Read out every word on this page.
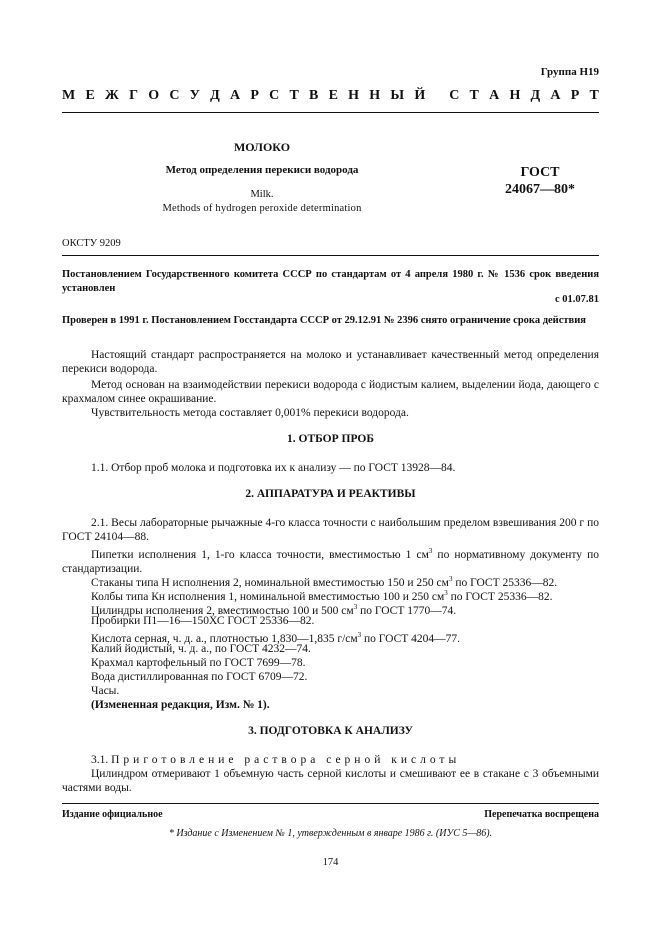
Группа Н19
М Е Ж Г О С У Д А Р С Т В Е Н Н Ы Й
С Т А Н Д А Р Т
МОЛОКО
Метод определения перекиси водорода
Milk.
Methods of hydrogen peroxide determination
ГОСТ
24067—80*
ОКСТУ 9209
Постановлением Государственного комитета СССР по стандартам от 4 апреля 1980 г. № 1536 срок введения установлен
с 01.07.81
Проверен в 1991 г. Постановлением Госстандарта СССР от 29.12.91 № 2396 снято ограничение срока действия
Настоящий стандарт распространяется на молоко и устанавливает качественный метод определения перекиси водорода.
Метод основан на взаимодействии перекиси водорода с йодистым калием, выделении йода, дающего с крахмалом синее окрашивание.
Чувствительность метода составляет 0,001% перекиси водорода.
1. ОТБОР ПРОБ
1.1. Отбор проб молока и подготовка их к анализу — по ГОСТ 13928—84.
2. АППАРАТУРА И РЕАКТИВЫ
2.1. Весы лабораторные рычажные 4-го класса точности с наибольшим пределом взвешивания 200 г по ГОСТ 24104—88.
Пипетки исполнения 1, 1-го класса точности, вместимостью 1 $см^3$ по нормативному документу по стандартизации.
Стаканы типа Н исполнения 2, номинальной вместимостью 150 и 250 $см^3$ по ГОСТ 25336—82.
Колбы типа Кн исполнения 1, номинальной вместимостью 100 и 250 $см^3$ по ГОСТ 25336—82.
Цилиндры исполнения 2, вместимостью 100 и 500 $см^3$ по ГОСТ 1770—74.
Пробирки П1—16—150ХС ГОСТ 25336—82.
Кислота серная, ч. д. а., плотностью 1,830—1,835 $г/см^3$ по ГОСТ 4204—77.
Калий йодистый, ч. д. а., по ГОСТ 4232—74.
Крахмал картофельный по ГОСТ 7699—78.
Вода дистиллированная по ГОСТ 6709—72.
Часы.
(Измененная редакция, Изм. № 1).
3. ПОДГОТОВКА К АНАЛИЗУ
3.1. Приготовление раствора серной кислоты
Цилиндром отмеривают 1 объемную часть серной кислоты и смешивают ее в стакане с 3 объемными частями воды.
Издание официальное	Перепечатка воспрещена
* Издание с Изменением № 1, утвержденным в январе 1986 г. (ИУС 5—86).
174
